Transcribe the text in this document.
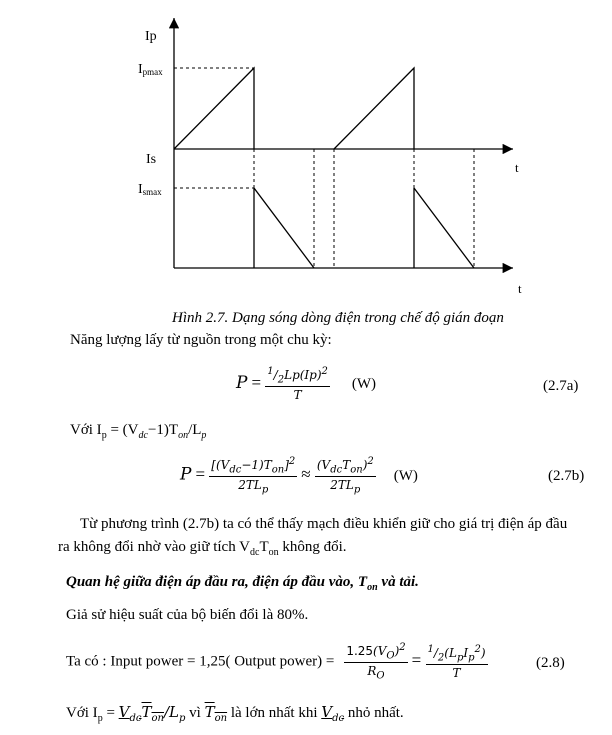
Ip
Ipmax
Is
Ismax
t
t
Hình 2.7. Dạng sóng dòng điện trong chế độ gián đoạn
Năng lượng lấy từ nguồn trong một chu kỳ:
$P = \frac{^1/_2Lp(Ip)^2}{T} (W)$	(2.7a)
Với $I_p = (V_{dc}-1)T_{on}/L_p$
$P = \frac{[(V_{dc}-1)T_{on}]^2}{2TL_p} \approx \frac{(V_{dc}T_{on})^2}{2TL_p} (W)$	(2.7b)
Từ phương trình (2.7b) ta có thể thấy mạch điều khiển giữ cho giá trị điện áp đầu
ra không đổi nhờ vào giữ tích $V_{dc}T_{on}$ không đổi.
Quan hệ giữa điện áp đầu ra, điện áp đầu vào, $T_{on}$ và tải.
Giả sử hiệu suất của bộ biến đổi là 80%.
Ta có : Input power = 1,25( Output power) = $\frac{1.25(V_O)^2}{R_O} = \frac{^1/_2(L_pI_p^2)}{T}$	(2.8)
Với $I_p = V_{dc}T_{on}/L_p$ vì $T_{on}$ là lớn nhất khi $V_{dc}$ nhỏ nhất.
